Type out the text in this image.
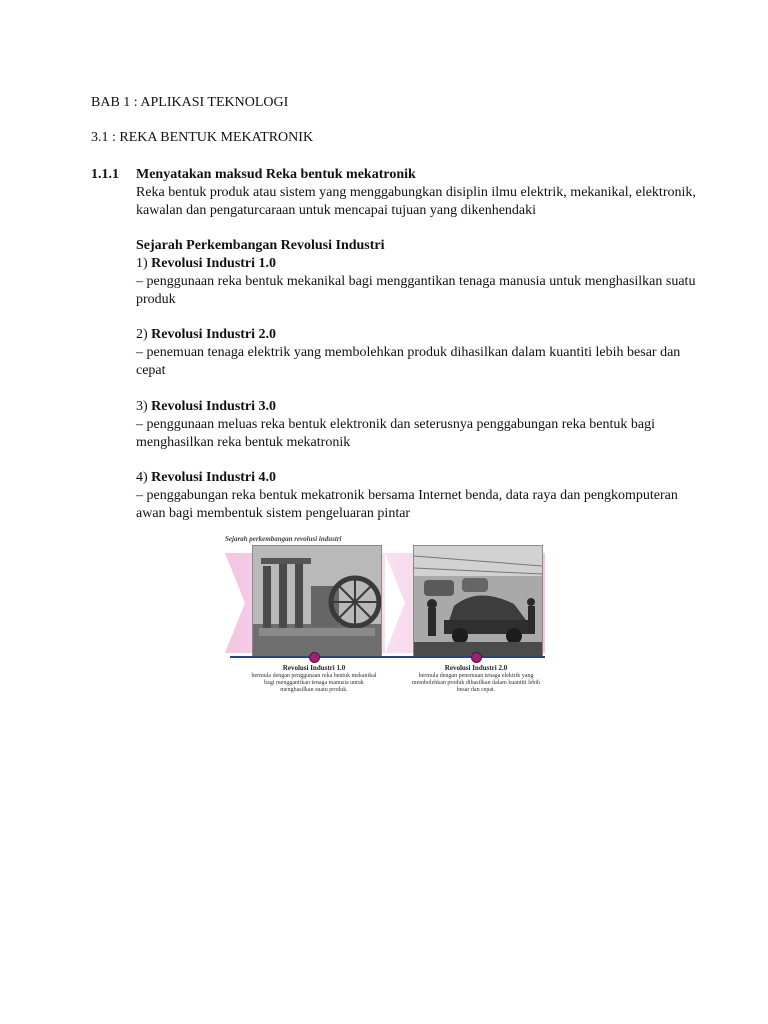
BAB 1 : APLIKASI TEKNOLOGI
3.1 : REKA BENTUK MEKATRONIK
1.1.1 Menyatakan maksud Reka bentuk mekatronik

Reka bentuk produk atau sistem yang menggabungkan disiplin ilmu elektrik, mekanikal, elektronik, kawalan dan pengaturcaraan untuk mencapai tujuan yang dikenhendaki

Sejarah Perkembangan Revolusi Industri

1) Revolusi Industri 1.0

– penggunaan reka bentuk mekanikal bagi menggantikan tenaga manusia untuk menghasilkan suatu produk

2) Revolusi Industri 2.0

– penemuan tenaga elektrik yang membolehkan produk dihasilkan dalam kuantiti lebih besar dan cepat

3) Revolusi Industri 3.0

– penggunaan meluas reka bentuk elektronik dan seterusnya penggabungan reka bentuk bagi menghasilkan reka bentuk mekatronik

4) Revolusi Industri 4.0

– penggabungan reka bentuk mekatronik bersama Internet benda, data raya dan pengkomputeran awan bagi membentuk sistem pengeluaran pintar

Sejarah perkembangan revolusi industri
Revolusi Industri 1.0
bermula dengan penggunaan reka bentuk mekanikal bagi menggantikan tenaga manusia untuk menghasilkan suatu produk.
Revolusi Industri 2.0
bermula dengan penemuan tenaga elektrik yang membolehkan produk dihasilkan dalam kuantiti lebih besar dan cepat.
